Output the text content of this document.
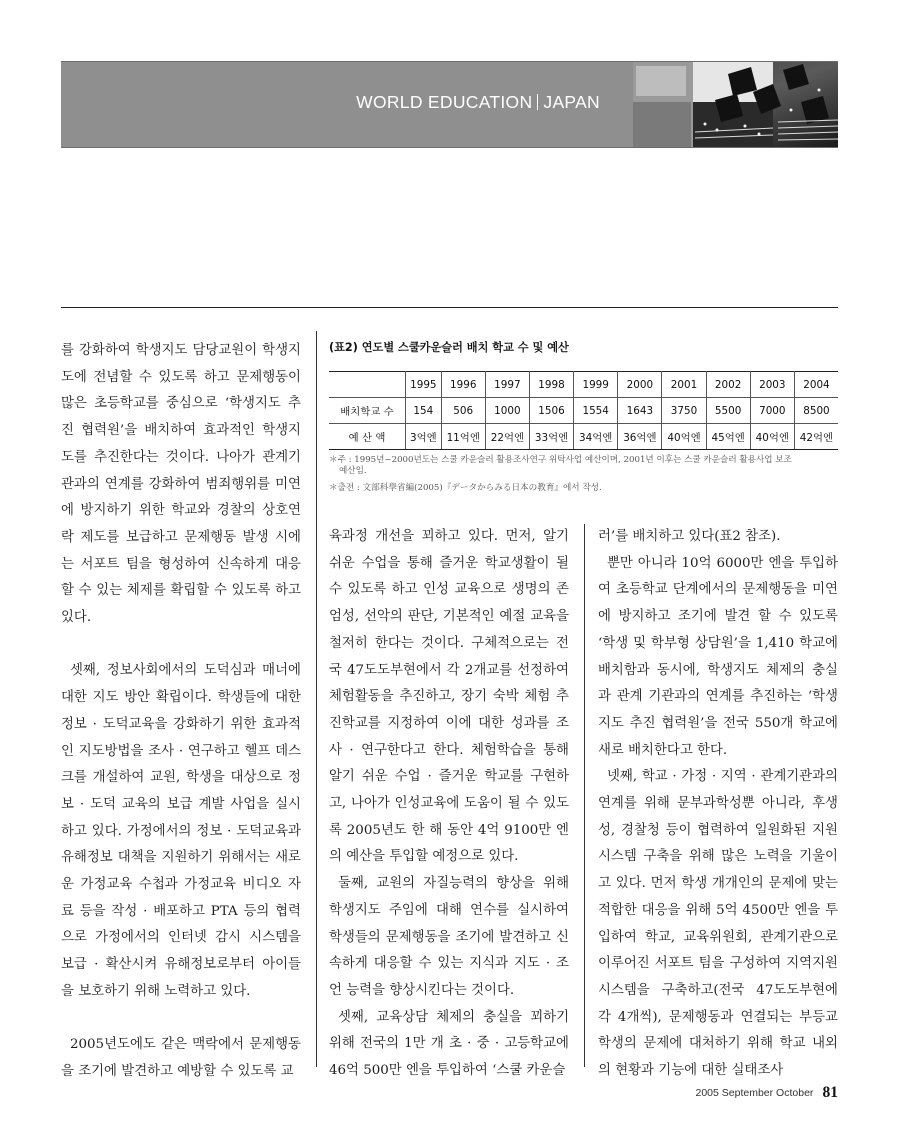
WORLD EDUCATION JAPAN

를 강화하여 학생지도 담당교원이 학생지도에 전념할 수 있도록 하고 문제행동이 많은 초등학교를 중심으로 ‘학생지도 추진 협력원’을 배치하여 효과적인 학생지도를 추진한다는 것이다. 나아가 관계기관과의 연계를 강화하여 범죄행위를 미연에 방지하기 위한 학교와 경찰의 상호연락 제도를 보급하고 문제행동 발생 시에는 서포트 팀을 형성하여 신속하게 대응할 수 있는 체제를 확립할 수 있도록 하고 있다.

셋째, 정보사회에서의 도덕심과 매너에 대한 지도 방안 확립이다. 학생들에 대한 정보 · 도덕교육을 강화하기 위한 효과적인 지도방법을 조사 · 연구하고 헬프 데스크를 개설하여 교원, 학생을 대상으로 정보 · 도덕 교육의 보급 계발 사업을 실시하고 있다. 가정에서의 정보 · 도덕교육과 유해정보 대책을 지원하기 위해서는 새로운 가정교육 수첩과 가정교육 비디오 자료 등을 작성 · 배포하고 PTA 등의 협력으로 가정에서의 인터넷 감시 시스템을 보급 · 확산시켜 유해정보로부터 아이들을 보호하기 위해 노력하고 있다.

2005년도에도 같은 맥락에서 문제행동을 조기에 발견하고 예방할 수 있도록 교

(표2) 연도별 스쿨카운슬러 배치 학교 수 및 예산
	1995	1996	1997	1998	1999	2000	2001	2002	2003	2004
배치학교 수	154	506	1000	1506	1554	1643	3750	5500	7000	8500
예 산 액	3억엔	11억엔	22억엔	33억엔	34억엔	36억엔	40억엔	45억엔	40억엔	42억엔
＊주 : 1995년~2000년도는 스쿨 카운슬러 활용조사연구 위탁사업 예산이며, 2001년 이후는 스쿨 카운슬러 활용사업 보조
예산임.
＊출전 : 文部科學省編(2005)『データからみる日本の教育』에서 작성.

육과정 개선을 꾀하고 있다. 먼저, 알기 쉬운 수업을 통해 즐거운 학교생활이 될 수 있도록 하고 인성 교육으로 생명의 존엄성, 선악의 판단, 기본적인 예절 교육을 철저히 한다는 것이다. 구체적으로는 전국 47도도부현에서 각 2개교를 선정하여 체험활동을 추진하고, 장기 숙박 체험 추진학교를 지정하여 이에 대한 성과를 조사 · 연구한다고 한다. 체험학습을 통해 알기 쉬운 수업 · 즐거운 학교를 구현하고, 나아가 인성교육에 도움이 될 수 있도록 2005년도 한 해 동안 4억 9100만 엔의 예산을 투입할 예정으로 있다.

둘째, 교원의 자질능력의 향상을 위해 학생지도 주임에 대해 연수를 실시하여 학생들의 문제행동을 조기에 발견하고 신속하게 대응할 수 있는 지식과 지도 · 조언 능력을 향상시킨다는 것이다.

셋째, 교육상담 체제의 충실을 꾀하기 위해 전국의 1만 개 초 · 중 · 고등학교에 46억 500만 엔을 투입하여 ‘스쿨 카운슬

러’를 배치하고 있다(표2 참조).

뿐만 아니라 10억 6000만 엔을 투입하여 초등학교 단계에서의 문제행동을 미연에 방지하고 조기에 발견 할 수 있도록 ‘학생 및 학부형 상담원’을 1,410 학교에 배치함과 동시에, 학생지도 체제의 충실과 관계 기관과의 연계를 추진하는 ‘학생지도 추진 협력원’을 전국 550개 학교에 새로 배치한다고 한다.

넷째, 학교 · 가정 · 지역 · 관계기관과의 연계를 위해 문부과학성뿐 아니라, 후생성, 경찰청 등이 협력하여 일원화된 지원시스템 구축을 위해 많은 노력을 기울이고 있다. 먼저 학생 개개인의 문제에 맞는 적합한 대응을 위해 5억 4500만 엔을 투입하여 학교, 교육위원회, 관계기관으로 이루어진 서포트 팀을 구성하여 지역지원 시스템을 구축하고(전국 47도도부현에 각 4개씩), 문제행동과 연결되는 부등교 학생의 문제에 대처하기 위해 학교 내외의 현황과 기능에 대한 실태조사

2005 September October 81
